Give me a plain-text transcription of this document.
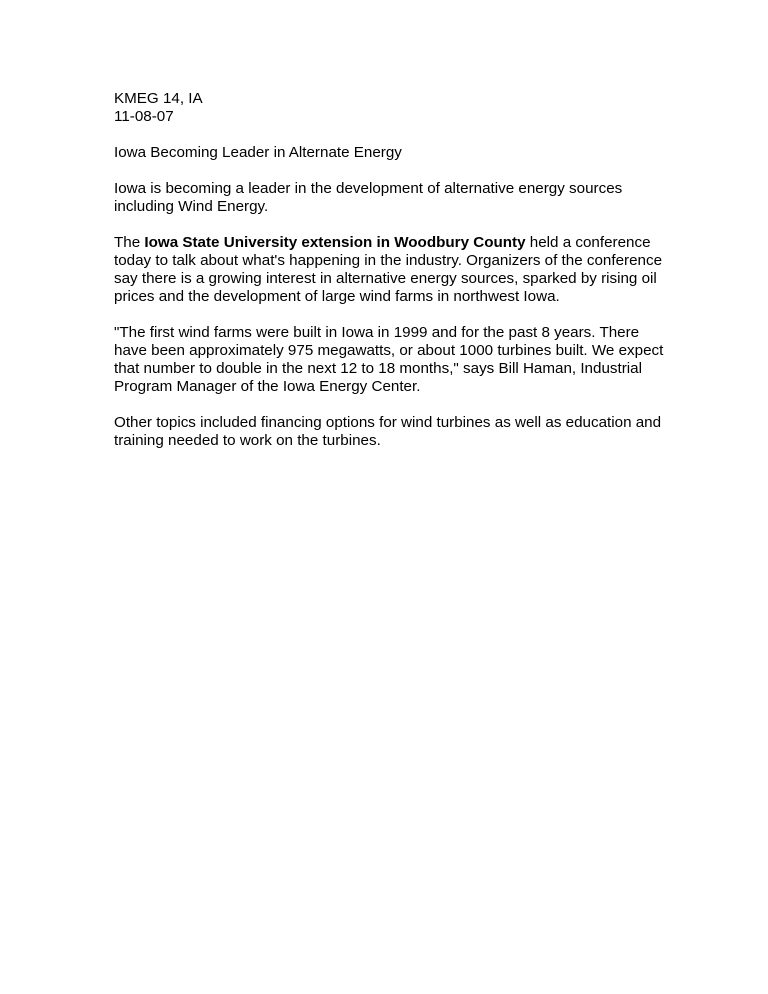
KMEG 14, IA

11-08-07

Iowa Becoming Leader in Alternate Energy

Iowa is becoming a leader in the development of alternative energy sources including Wind Energy.

The Iowa State University extension in Woodbury County held a conference today to talk about what's happening in the industry. Organizers of the conference say there is a growing interest in alternative energy sources, sparked by rising oil prices and the development of large wind farms in northwest Iowa.

"The first wind farms were built in Iowa in 1999 and for the past 8 years. There have been approximately 975 megawatts, or about 1000 turbines built. We expect that number to double in the next 12 to 18 months," says Bill Haman, Industrial Program Manager of the Iowa Energy Center.

Other topics included financing options for wind turbines as well as education and training needed to work on the turbines.
